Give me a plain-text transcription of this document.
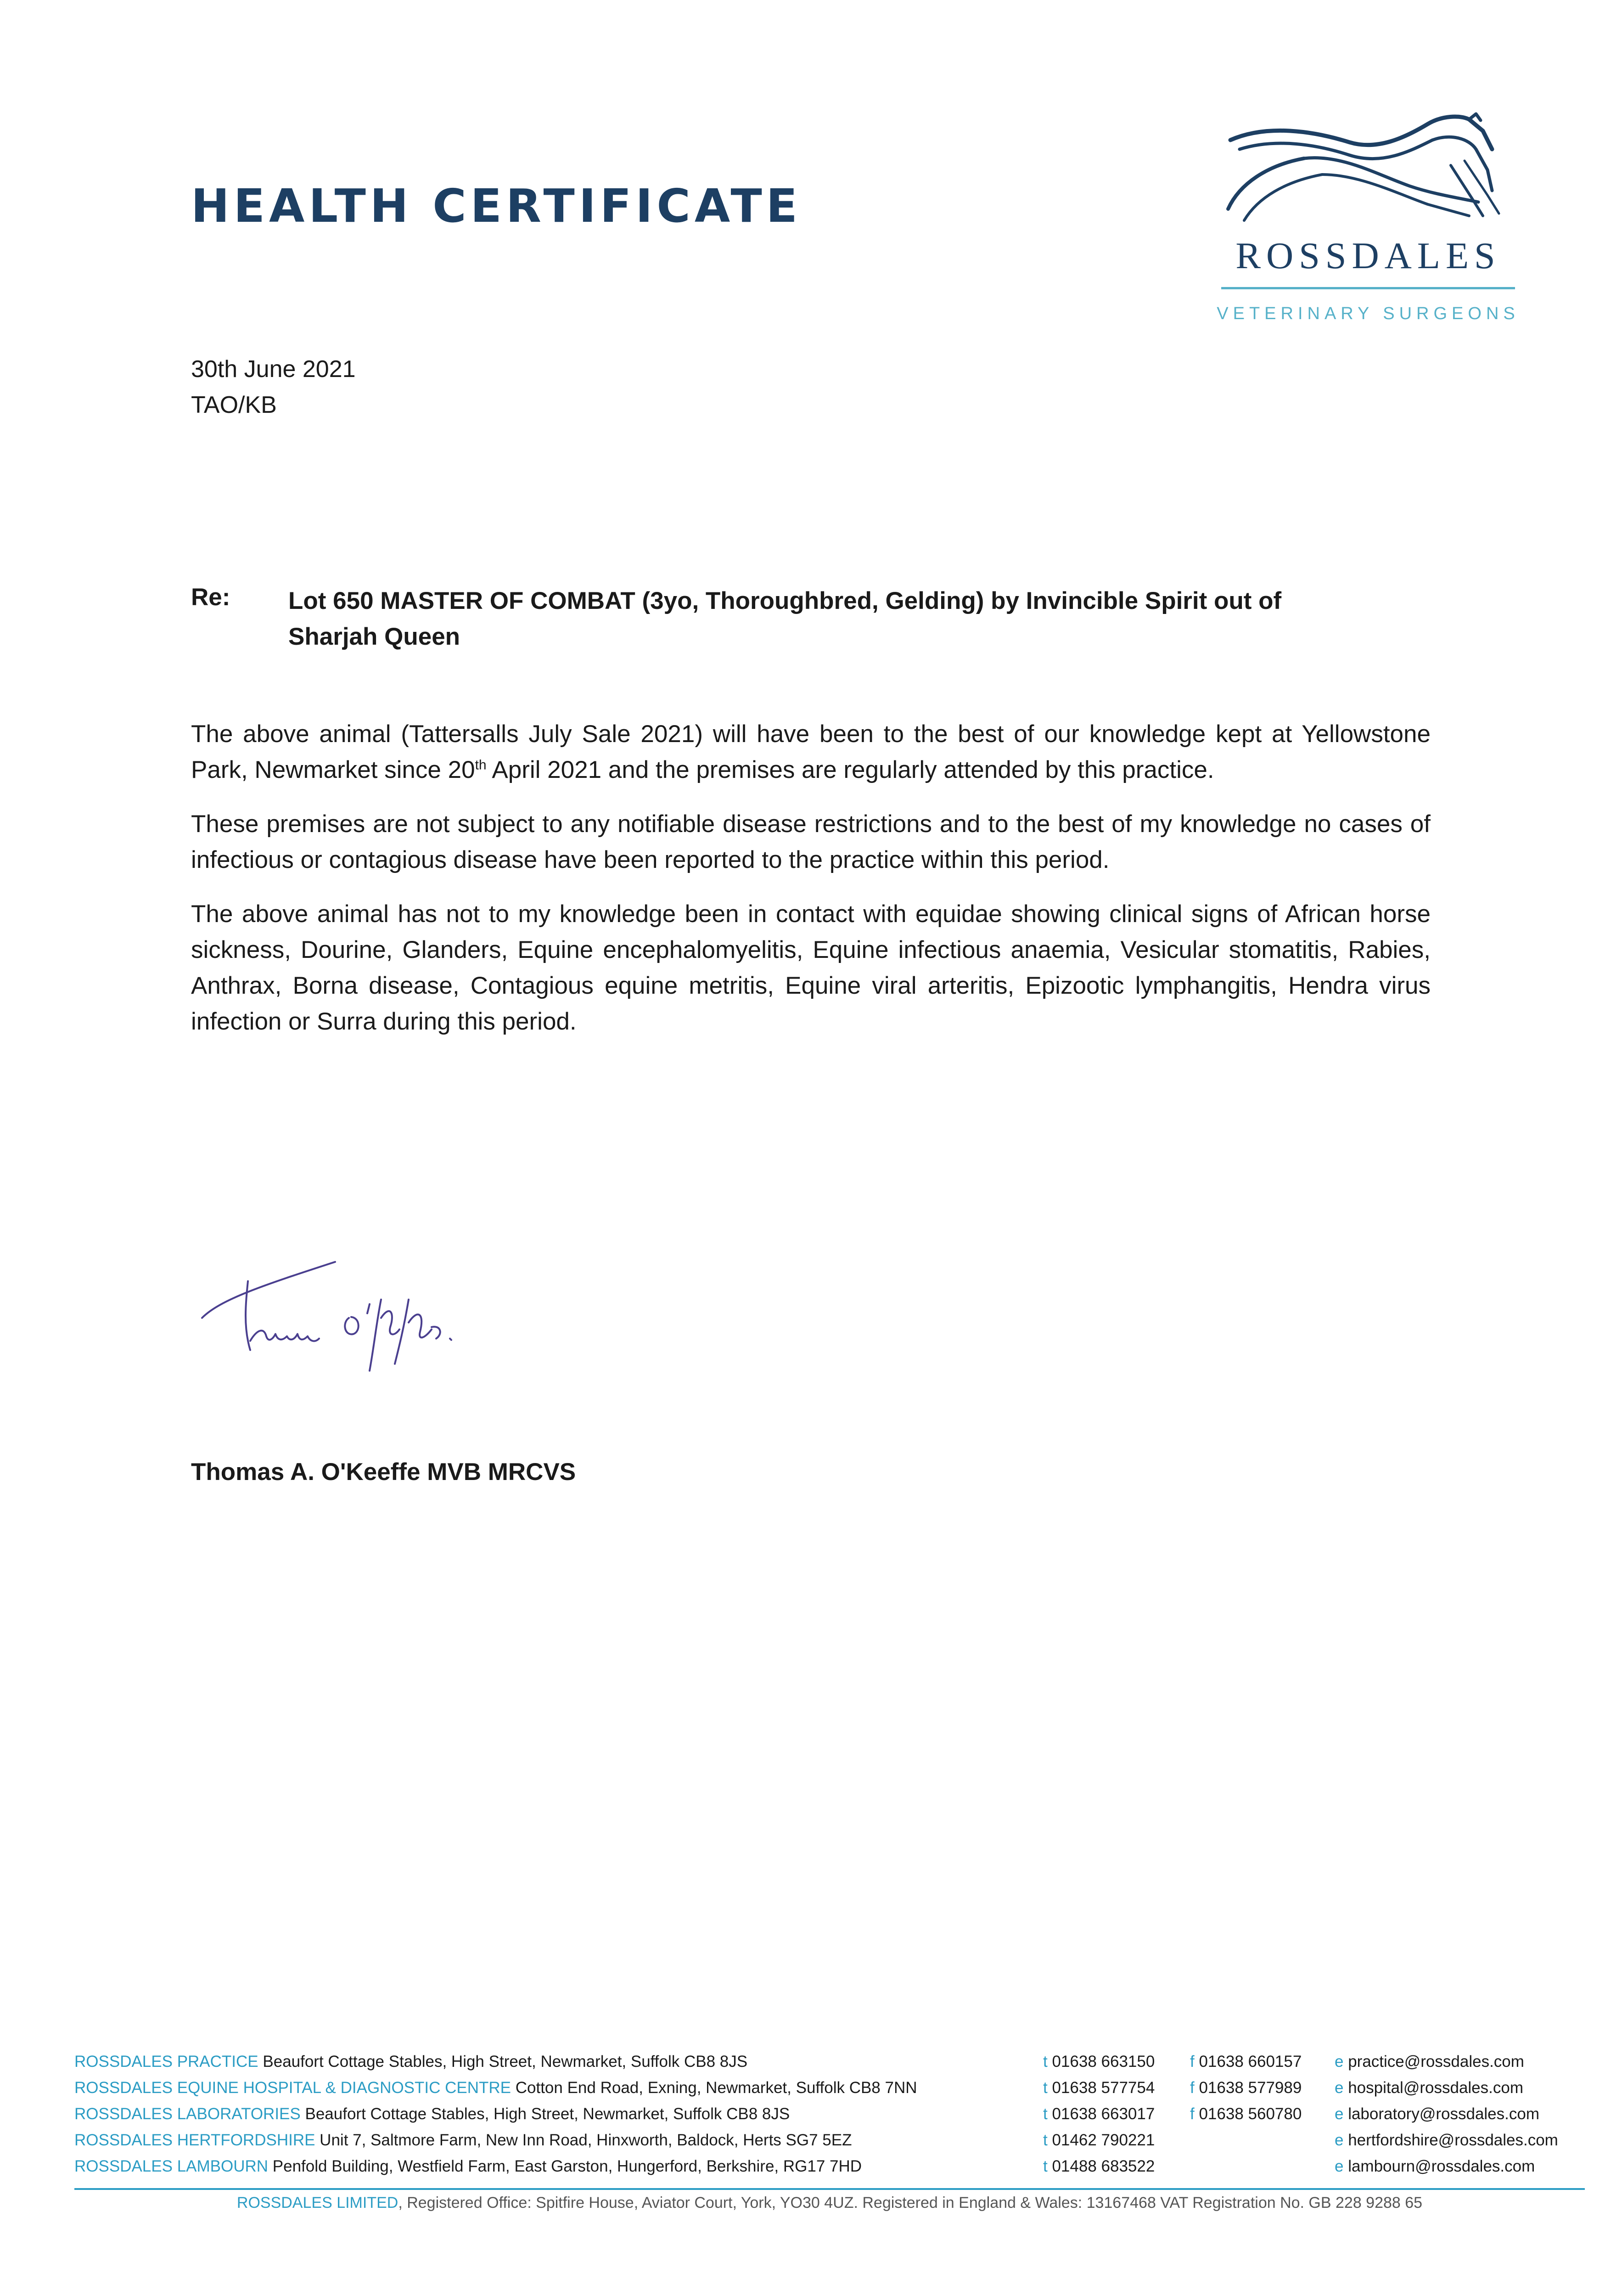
HEALTH CERTIFICATE
ROSSDALES
VETERINARY SURGEONS
30th June 2021
TAO/KB
Re: Lot 650 MASTER OF COMBAT (3yo, Thoroughbred, Gelding) by Invincible Spirit out of
Sharjah Queen

The above animal (Tattersalls July Sale 2021) will have been to the best of our knowledge kept at Yellowstone Park, Newmarket since 20th April 2021 and the premises are regularly attended by this practice.

These premises are not subject to any notifiable disease restrictions and to the best of my knowledge no cases of infectious or contagious disease have been reported to the practice within this period.

The above animal has not to my knowledge been in contact with equidae showing clinical signs of African horse sickness, Dourine, Glanders, Equine encephalomyelitis, Equine infectious anaemia, Vesicular stomatitis, Rabies, Anthrax, Borna disease, Contagious equine metritis, Equine viral arteritis, Epizootic lymphangitis, Hendra virus infection or Surra during this period.

Thomas A. O'Keeffe MVB MRCVS
ROSSDALES PRACTICE Beaufort Cottage Stables, High Street, Newmarket, Suffolk CB8 8JS	t 01638 663150 f 01638 660157 e practice@rossdales.com
ROSSDALES EQUINE HOSPITAL & DIAGNOSTIC CENTRE Cotton End Road, Exning, Newmarket, Suffolk CB8 7NN	t 01638 577754 f 01638 577989 e hospital@rossdales.com
ROSSDALES LABORATORIES Beaufort Cottage Stables, High Street, Newmarket, Suffolk CB8 8JS	t 01638 663017 f 01638 560780 e laboratory@rossdales.com
ROSSDALES HERTFORDSHIRE Unit 7, Saltmore Farm, New Inn Road, Hinxworth, Baldock, Herts SG7 5EZ	t 01462 790221	e hertfordshire@rossdales.com
ROSSDALES LAMBOURN Penfold Building, Westfield Farm, East Garston, Hungerford, Berkshire, RG17 7HD	t 01488 683522	e lambourn@rossdales.com
ROSSDALES LIMITED, Registered Office: Spitfire House, Aviator Court, York, YO30 4UZ. Registered in England & Wales: 13167468 VAT Registration No. GB 228 9288 65
